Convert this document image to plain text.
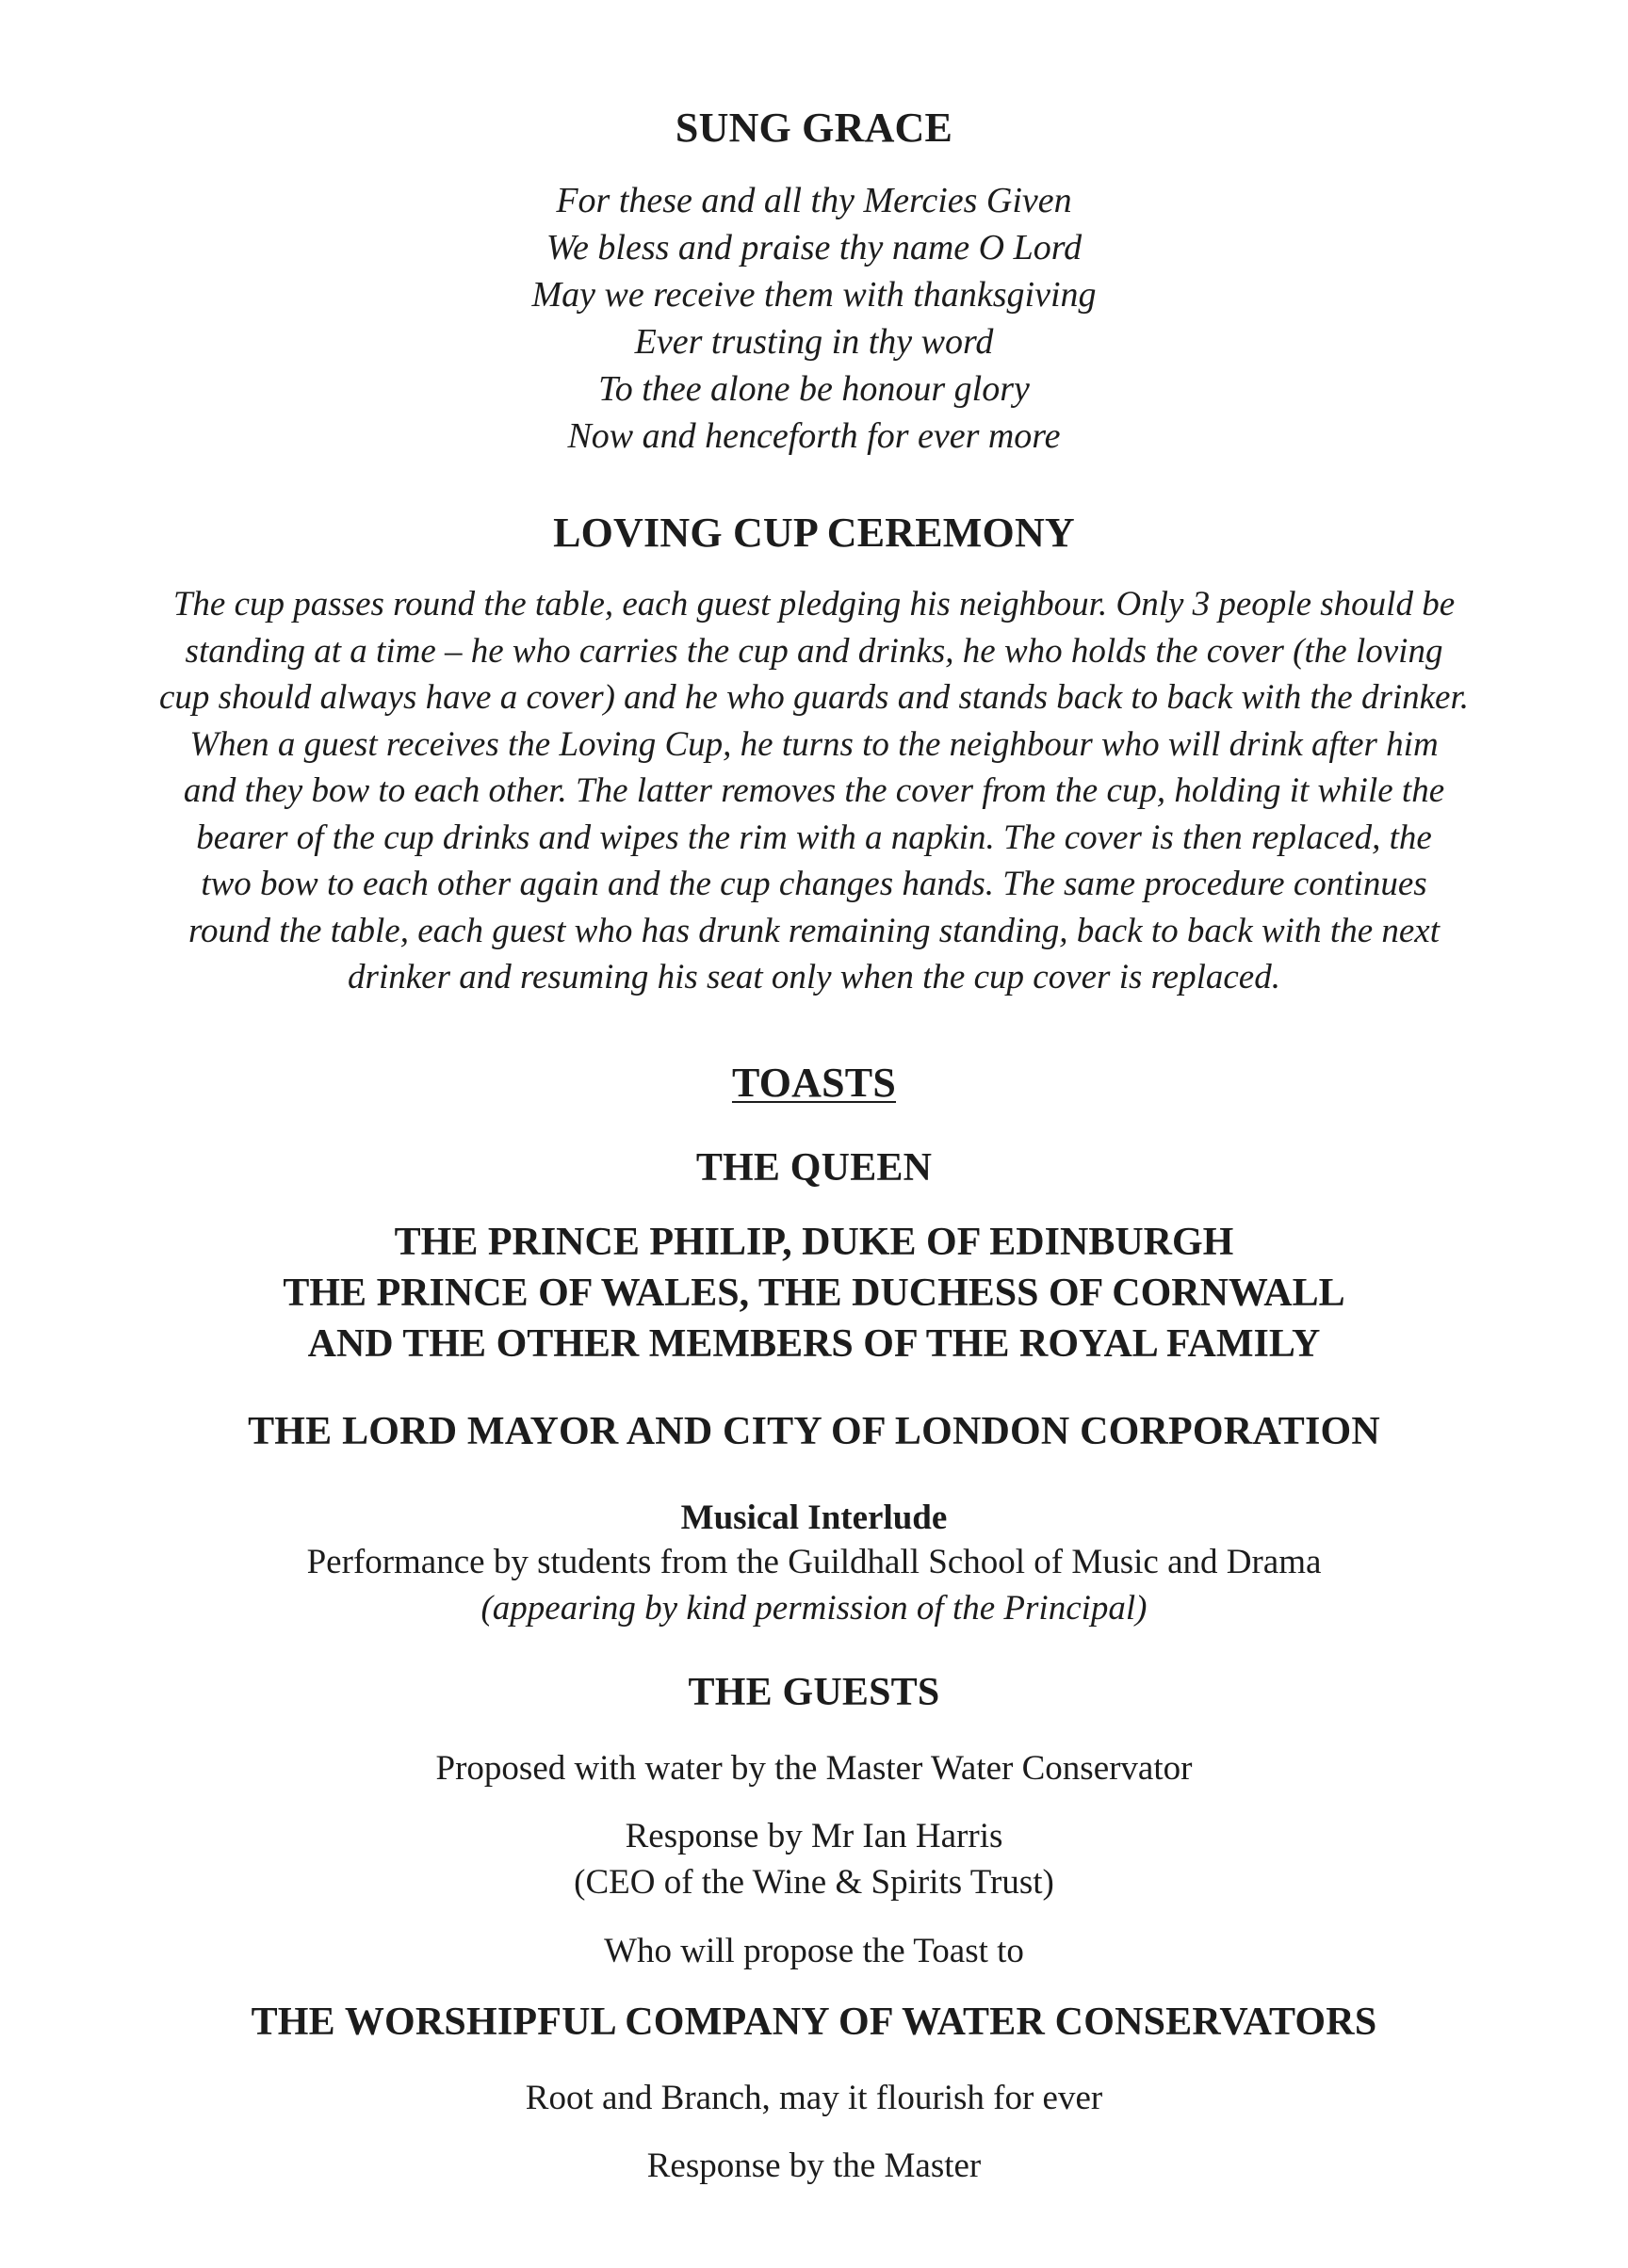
SUNG GRACE
For these and all thy Mercies Given
We bless and praise thy name O Lord
May we receive them with thanksgiving
Ever trusting in thy word
To thee alone be honour glory
Now and henceforth for ever more
LOVING CUP CEREMONY
The cup passes round the table, each guest pledging his neighbour. Only 3 people should be
standing at a time – he who carries the cup and drinks, he who holds the cover (the loving
cup should always have a cover) and he who guards and stands back to back with the drinker.
When a guest receives the Loving Cup, he turns to the neighbour who will drink after him
and they bow to each other. The latter removes the cover from the cup, holding it while the
bearer of the cup drinks and wipes the rim with a napkin. The cover is then replaced, the
two bow to each other again and the cup changes hands. The same procedure continues
round the table, each guest who has drunk remaining standing, back to back with the next
drinker and resuming his seat only when the cup cover is replaced.
TOASTS
THE QUEEN
THE PRINCE PHILIP, DUKE OF EDINBURGH
THE PRINCE OF WALES, THE DUCHESS OF CORNWALL
AND THE OTHER MEMBERS OF THE ROYAL FAMILY
THE LORD MAYOR AND CITY OF LONDON CORPORATION
Musical Interlude
Performance by students from the Guildhall School of Music and Drama
(appearing by kind permission of the Principal)
THE GUESTS
Proposed with water by the Master Water Conservator
Response by Mr Ian Harris
(CEO of the Wine & Spirits Trust)
Who will propose the Toast to
THE WORSHIPFUL COMPANY OF WATER CONSERVATORS
Root and Branch, may it flourish for ever
Response by the Master
